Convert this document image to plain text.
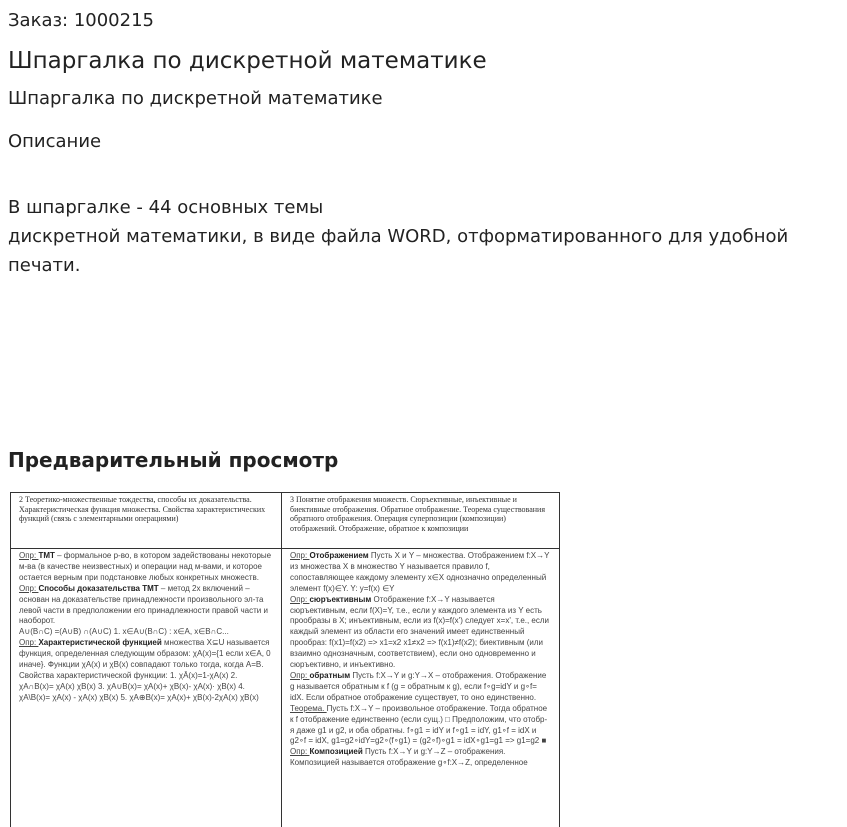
Заказ: 1000215
Шпаргалка по дискретной математике
Шпаргалка по дискретной математике
Описание
В шпаргалке - 44 основных темы
дискретной математики, в виде файла WORD, отформатированного для удобной печати.
Предварительный просмотр
2 Теоретико-множественные тождества, способы их доказательства. Характеристическая функция множества. Свойства характеристических функций (связь с элементарными операциями)

Опр: ТМТ – формальное р-во, в котором задействованы некоторые м-ва (в качестве неизвестных) и операции над м-вами, и которое остается верным при подстановке любых конкретных множеств.

Опр: Способы доказательства ТМТ – метод 2х включений – основан на доказательстве принадлежности произвольного эл-та левой части в предположении его принадлежности правой части и наоборот.

A∪(B∩C) =(A∪B) ∩(A∪C) 1. x∈A∪(B∩C) : x∈A, x∈B∩C...

Опр: Характеристической функцией множества X⊆U называется функция, определенная следующим образом: χA(x)={1 если x∈A, 0 иначе}. Функции χA(x) и χB(x) совпадают только тогда, когда A=B. Свойства характеристической функции: 1. χĀ(x)=1-χA(x) 2. χA∩B(x)= χA(x) χB(x) 3. χA∪B(x)= χA(x)+ χB(x)- χA(x)· χB(x) 4. χA\B(x)= χA(x) - χA(x) χB(x) 5. χA⊕B(x)= χA(x)+ χB(x)-2χA(x) χB(x)

3 Понятие отображения множеств. Сюръективные, инъективные и биективные отображения. Обратное отображение. Теорема существования обратного отображения. Операция суперпозиции (композиции) отображений. Отображение, обратное к композиции

Опр: Отображением Пусть X и Y – множества. Отображением f:X→Y из множества X в множество Y называется правило f, сопоставляющее каждому элементу x∈X однозначно определенный элемент f(x)∈Y. Y: y=f(x) ∈Y

Опр: сюръективным Отображение f:X→Y называется сюръективным, если f(X)=Y, т.е., если у каждого элемента из Y есть прообразы в X; инъективным, если из f(x)=f(x') следует x=x', т.е., если каждый элемент из области его значений имеет единственный прообраз: f(x1)=f(x2) => x1=x2 x1≠x2 => f(x1)≠f(x2); биективным (или взаимно однозначным, соответствием), если оно одновременно и сюръективно, и инъективно.

Опр: обратным Пусть f:X→Y и g:Y→X – отображения. Отображение g называется обратным к f (g = обратным к g), если f∘g=idY и g∘f= idX. Если обратное отображение существует, то оно единственно.

Теорема. Пусть f:X→Y – произвольное отображение. Тогда обратное к f отображение единственно (если сущ.) □ Предположим, что отобр-я даже g1 и g2, и оба обратны. f∘g1 = idY и f∘g1 = idY, g1∘f = idX и g2∘f = idX, g1=g2∘idY=g2∘(f∘g1) = (g2∘f)∘g1 = idX∘g1=g1 => g1=g2 ■

Опр: Композицией Пусть f:X→Y и g:Y→Z – отображения. Композицией называется отображение g∘f:X→Z, определенное
